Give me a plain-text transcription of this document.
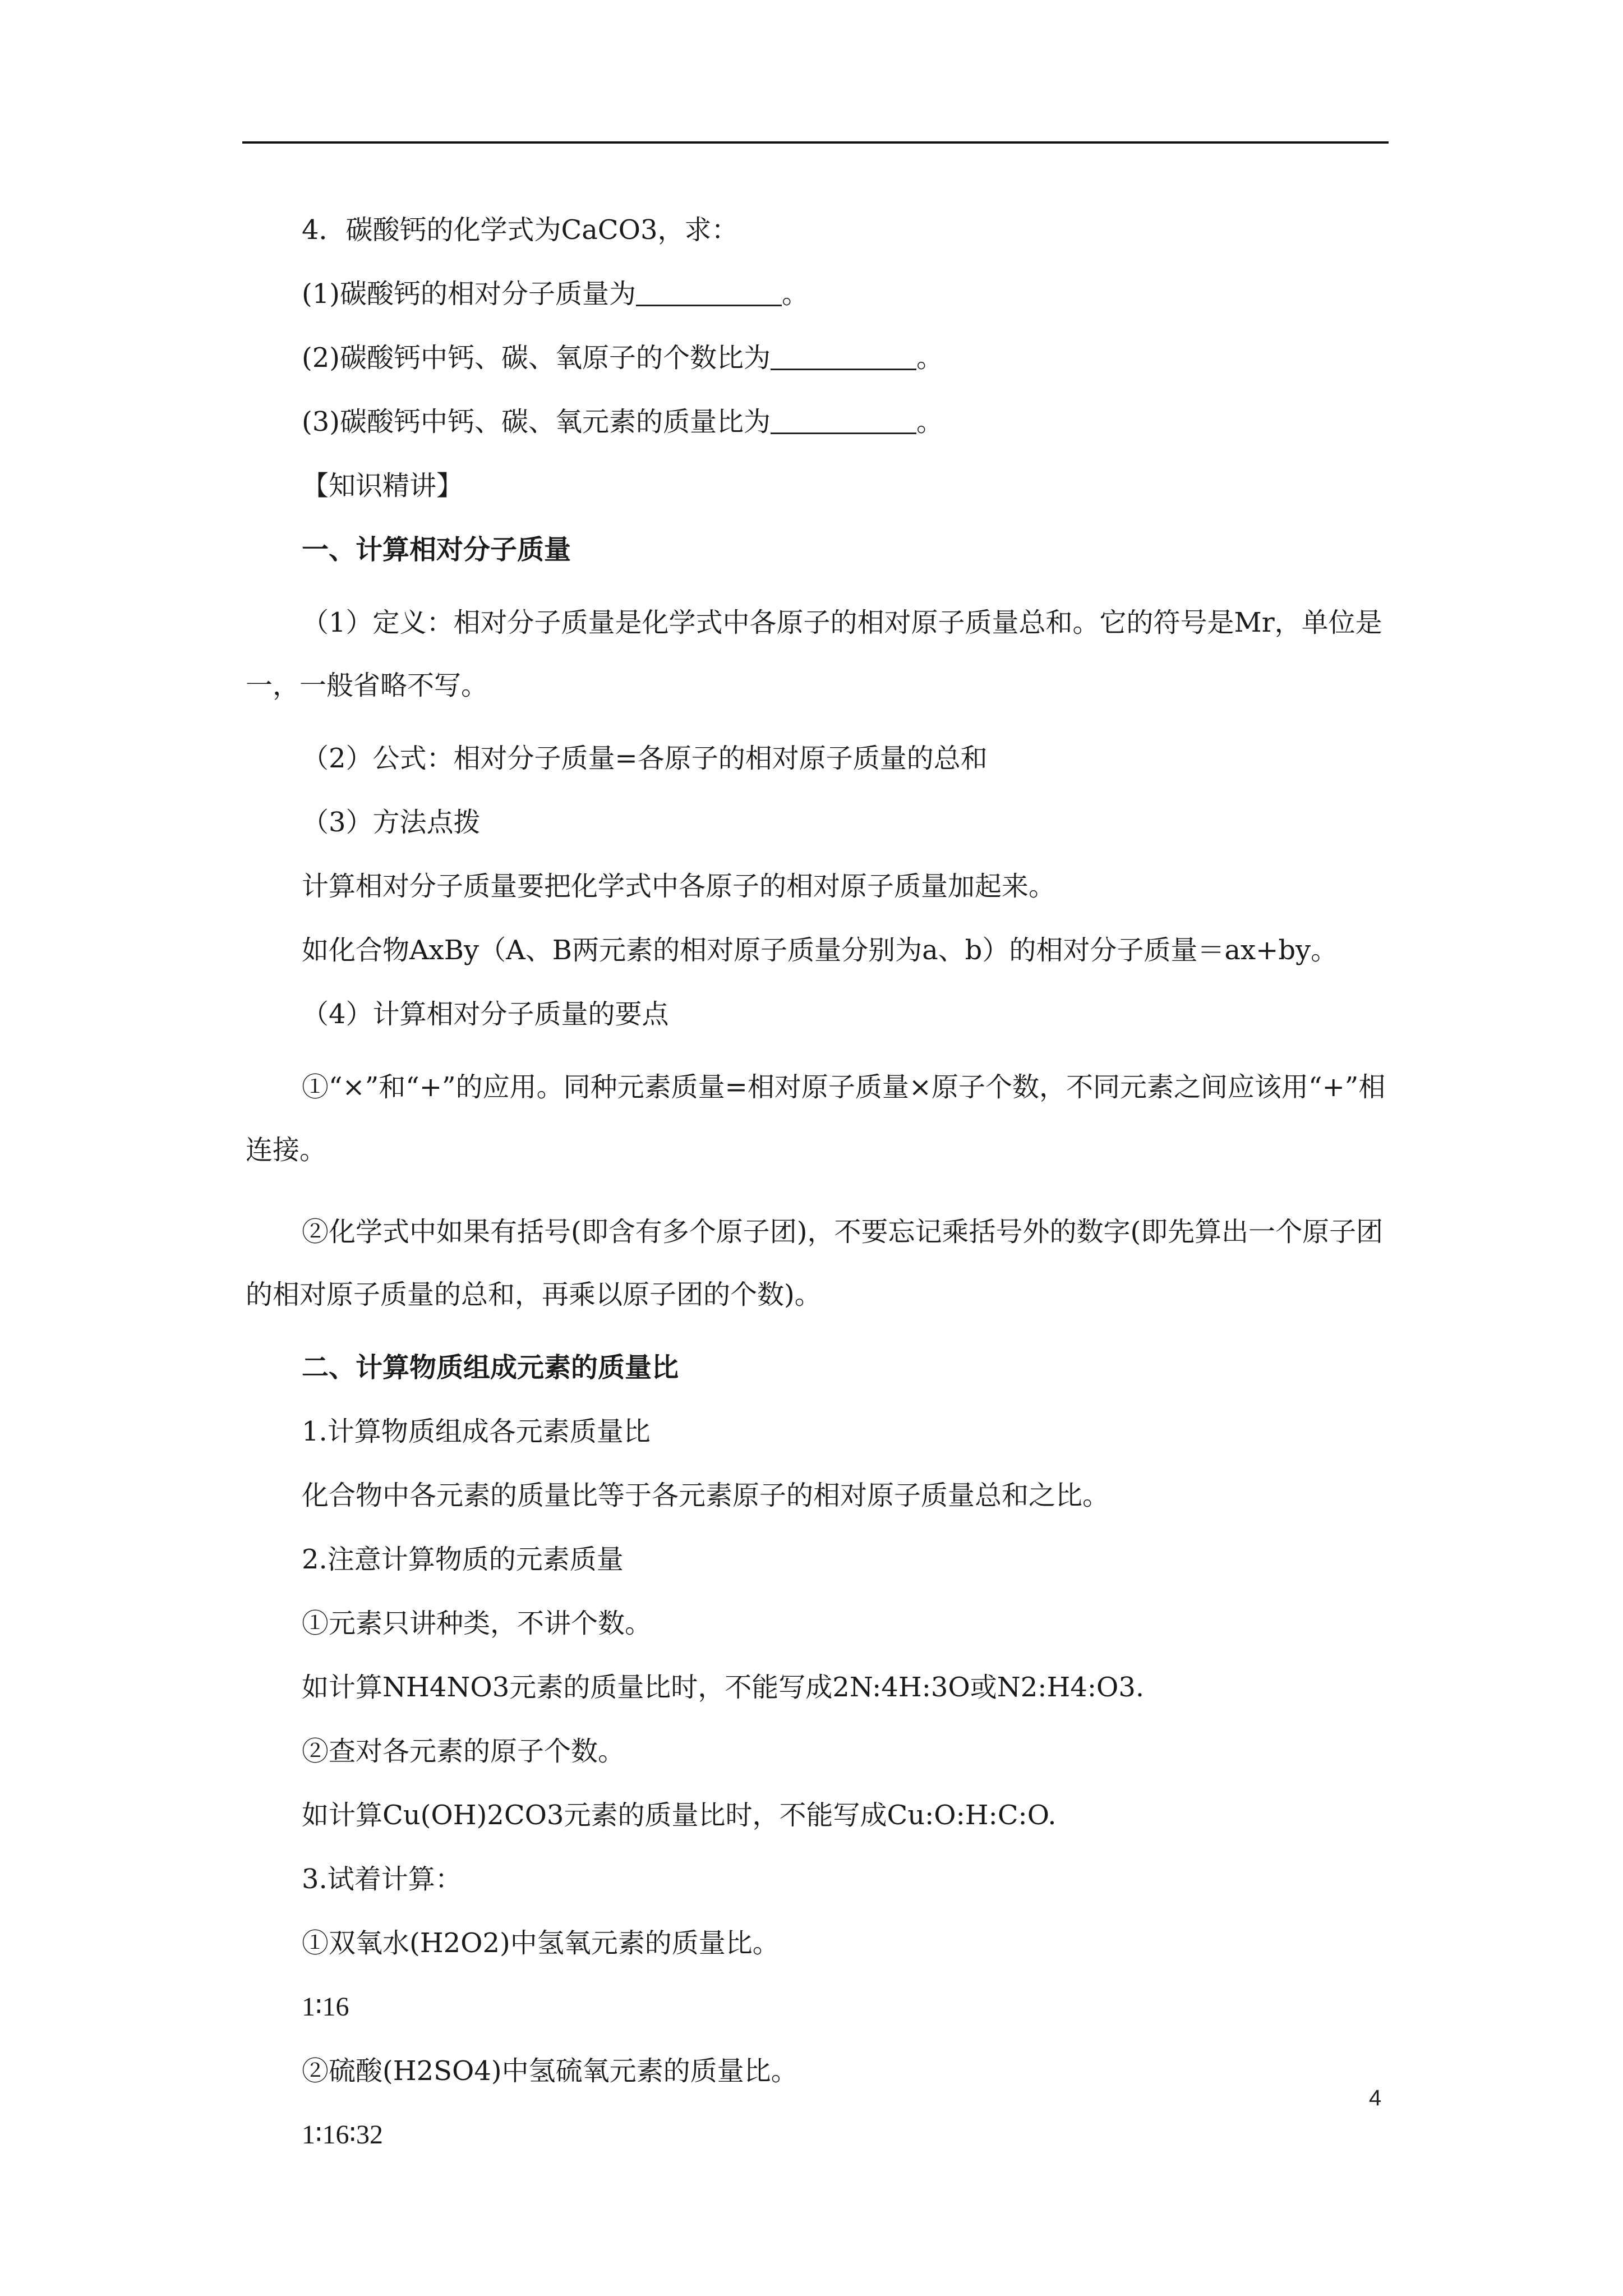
4．碳酸钙的化学式为CaCO3，求：
(1)碳酸钙的相对分子质量为	。
(2)碳酸钙中钙、碳、氧原子的个数比为	。
(3)碳酸钙中钙、碳、氧元素的质量比为	。
【知识精讲】
一、计算相对分子质量
（1）定义：相对分子质量是化学式中各原子的相对原子质量总和。它的符号是Mr，单位是一，一般省略不写。
（2）公式：相对分子质量=各原子的相对原子质量的总和
（3）方法点拨
计算相对分子质量要把化学式中各原子的相对原子质量加起来。
如化合物AxBy（A、B两元素的相对原子质量分别为a、b）的相对分子质量＝ax+by。
（4）计算相对分子质量的要点
①“×”和“+”的应用。同种元素质量=相对原子质量×原子个数，不同元素之间应该用“+”相连接。
②化学式中如果有括号(即含有多个原子团)，不要忘记乘括号外的数字(即先算出一个原子团的相对原子质量的总和，再乘以原子团的个数)。
二、计算物质组成元素的质量比
1.计算物质组成各元素质量比
化合物中各元素的质量比等于各元素原子的相对原子质量总和之比。
2.注意计算物质的元素质量
①元素只讲种类，不讲个数。
如计算NH4NO3元素的质量比时，不能写成2N:4H:3O或N2:H4:O3.
②查对各元素的原子个数。
如计算Cu(OH)2CO3元素的质量比时，不能写成Cu:O:H:C:O.
3.试着计算：
①双氧水(H2O2)中氢氧元素的质量比。
1∶16
②硫酸(H2SO4)中氢硫氧元素的质量比。
1∶16∶32
4
